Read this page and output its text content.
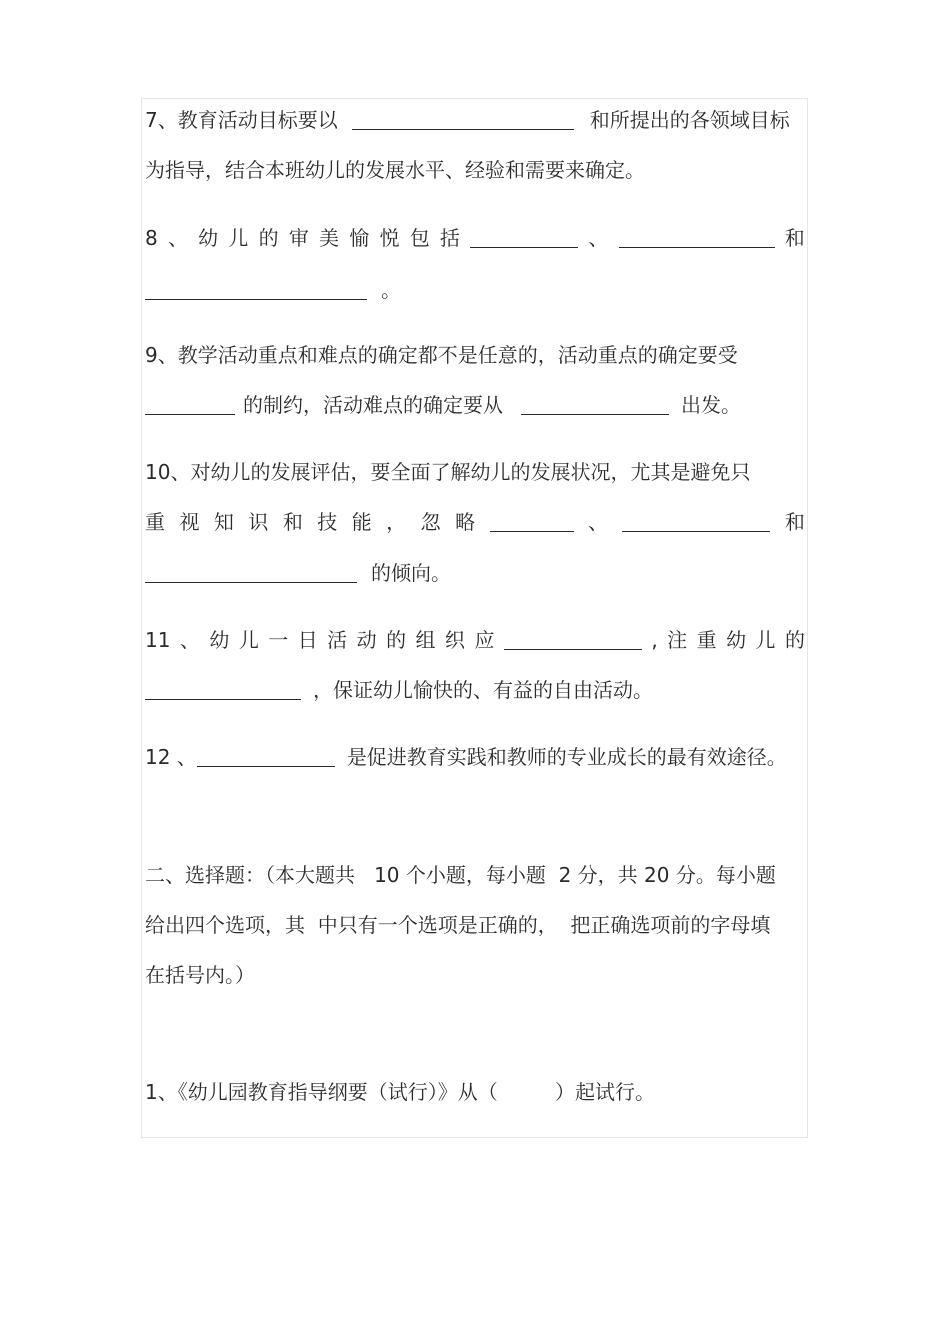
7、教育活动目标要以	和所提出的各领域目标
为指导，结合本班幼儿的发展水平、经验和需要来确定。
8 、 幼 儿 的 审 美 愉 悦 包 括	、	和
。
9、教学活动重点和难点的确定都不是任意的，活动重点的确定要受
的制约，活动难点的确定要从	出发。
10、对幼儿的发展评估，要全面了解幼儿的发展状况，尤其是避免只
重 视 知 识 和 技 能 ， 忽 略	、	和
的倾向。
11 、 幼 儿 一 日 活 动 的 组 织 应	, 注 重 幼 儿 的
，保证幼儿愉快的、有益的自由活动。
12 、	是促进教育实践和教师的专业成长的最有效途径。
二、选择题：（本大题共   10 个小题，每小题  2 分，共 20 分。每小题
给出四个选项，其  中只有一个选项是正确的，  把正确选项前的字母填
在括号内。）
1、《幼儿园教育指导纲要（试行）》从（         ）起试行。
